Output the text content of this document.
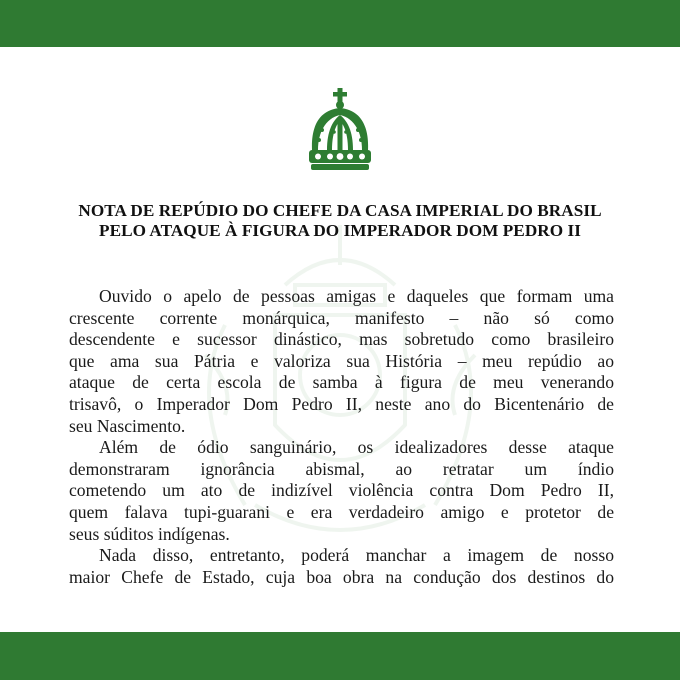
NOTA DE REPÚDIO DO CHEFE DA CASA IMPERIAL DO BRASIL
PELO ATAQUE À FIGURA DO IMPERADOR DOM PEDRO II
Ouvido o apelo de pessoas amigas e daqueles que formam uma
crescente corrente monárquica, manifesto – não só como
descendente e sucessor dinástico, mas sobretudo como brasileiro
que ama sua Pátria e valoriza sua História – meu repúdio ao
ataque de certa escola de samba à figura de meu venerando
trisavô, o Imperador Dom Pedro II, neste ano do Bicentenário de
seu Nascimento.
Além de ódio sanguinário, os idealizadores desse ataque
demonstraram ignorância abismal, ao retratar um índio
cometendo um ato de indizível violência contra Dom Pedro II,
quem falava tupi-guarani e era verdadeiro amigo e protetor de
seus súditos indígenas.
Nada disso, entretanto, poderá manchar a imagem de nosso
maior Chefe de Estado, cuja boa obra na condução dos destinos do
